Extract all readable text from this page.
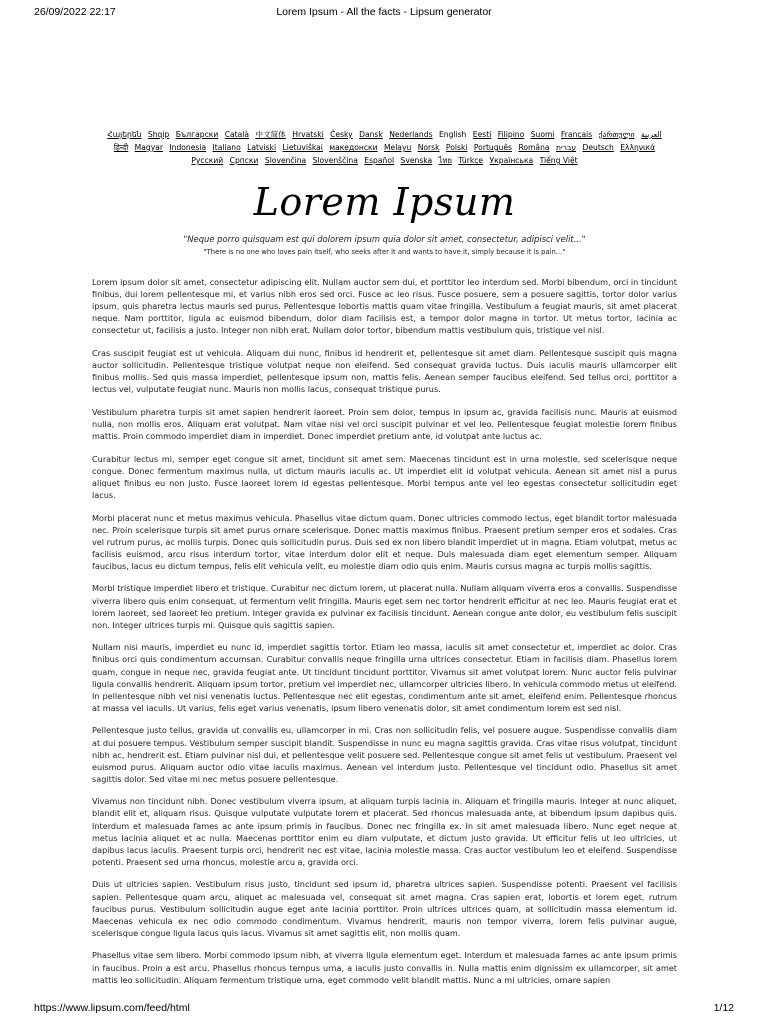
26/09/2022 22:17	Lorem Ipsum - All the facts - Lipsum generator
Հայերեն Shqip	‫العربية Български Català 中文简体 Hrvatski Česky Dansk Nederlands English Eesti Filipino Suomi Français ქართული Deutsch Ελληνικά ‫עברית हिन्दी Magyar Indonesia Italiano Latviski Lietuviškai македонски Melayu Norsk Polski Português Româna Pyccкий Српски Slovenčina Slovenščina Español Svenska ไทย Türkçe Українська Tiếng Việt
Lorem Ipsum
"Neque porro quisquam est qui dolorem ipsum quia dolor sit amet, consectetur, adipisci velit..."
"There is no one who loves pain itself, who seeks after it and wants to have it, simply because it is pain..."

Lorem ipsum dolor sit amet, consectetur adipiscing elit. Nullam auctor sem dui, et porttitor leo interdum sed. Morbi bibendum, orci in tincidunt finibus, dui lorem pellentesque mi, et varius nibh eros sed orci. Fusce ac leo risus. Fusce posuere, sem a posuere sagittis, tortor dolor varius ipsum, quis pharetra lectus mauris sed purus. Pellentesque lobortis mattis quam vitae fringilla. Vestibulum a feugiat mauris, sit amet placerat neque. Nam porttitor, ligula ac euismod bibendum, dolor diam facilisis est, a tempor dolor magna in tortor. Ut metus tortor, lacinia ac consectetur ut, facilisis a justo. Integer non nibh erat. Nullam dolor tortor, bibendum mattis vestibulum quis, tristique vel nisl.

Cras suscipit feugiat est ut vehicula. Aliquam dui nunc, finibus id hendrerit et, pellentesque sit amet diam. Pellentesque suscipit quis magna auctor sollicitudin. Pellentesque tristique volutpat neque non eleifend. Sed consequat gravida luctus. Duis iaculis mauris ullamcorper elit finibus mollis. Sed quis massa imperdiet, pellentesque ipsum non, mattis felis. Aenean semper faucibus eleifend. Sed tellus orci, porttitor a lectus vel, vulputate feugiat nunc. Mauris non mollis lacus, consequat tristique purus.

Vestibulum pharetra turpis sit amet sapien hendrerit laoreet. Proin sem dolor, tempus in ipsum ac, gravida facilisis nunc. Mauris at euismod nulla, non mollis eros. Aliquam erat volutpat. Nam vitae nisi vel orci suscipit pulvinar et vel leo. Pellentesque feugiat molestie lorem finibus mattis. Proin commodo imperdiet diam in imperdiet. Donec imperdiet pretium ante, id volutpat ante luctus ac.

Curabitur lectus mi, semper eget congue sit amet, tincidunt sit amet sem. Maecenas tincidunt est in urna molestie, sed scelerisque neque congue. Donec fermentum maximus nulla, ut dictum mauris iaculis ac. Ut imperdiet elit id volutpat vehicula. Aenean sit amet nisl a purus aliquet finibus eu non justo. Fusce laoreet lorem id egestas pellentesque. Morbi tempus ante vel leo egestas consectetur sollicitudin eget lacus.

Morbi placerat nunc et metus maximus vehicula. Phasellus vitae dictum quam. Donec ultricies commodo lectus, eget blandit tortor malesuada nec. Proin scelerisque turpis sit amet purus ornare scelerisque. Donec mattis maximus finibus. Praesent pretium semper eros et sodales. Cras vel rutrum purus, ac mollis turpis. Donec quis sollicitudin purus. Duis sed ex non libero blandit imperdiet ut in magna. Etiam volutpat, metus ac facilisis euismod, arcu risus interdum tortor, vitae interdum dolor elit et neque. Duis malesuada diam eget elementum semper. Aliquam faucibus, lacus eu dictum tempus, felis elit vehicula velit, eu molestie diam odio quis enim. Mauris cursus magna ac turpis mollis sagittis.

Morbi tristique imperdiet libero et tristique. Curabitur nec dictum lorem, ut placerat nulla. Nullam aliquam viverra eros a convallis. Suspendisse viverra libero quis enim consequat, ut fermentum velit fringilla. Mauris eget sem nec tortor hendrerit efficitur at nec leo. Mauris feugiat erat et lorem laoreet, sed laoreet leo pretium. Integer gravida ex pulvinar ex facilisis tincidunt. Aenean congue ante dolor, eu vestibulum felis suscipit non. Integer ultrices turpis mi. Quisque quis sagittis sapien.

Nullam nisi mauris, imperdiet eu nunc id, imperdiet sagittis tortor. Etiam leo massa, iaculis sit amet consectetur et, imperdiet ac dolor. Cras finibus orci quis condimentum accumsan. Curabitur convallis neque fringilla urna ultrices consectetur. Etiam in facilisis diam. Phasellus lorem quam, congue in neque nec, gravida feugiat ante. Ut tincidunt tincidunt porttitor. Vivamus sit amet volutpat lorem. Nunc auctor felis pulvinar ligula convallis hendrerit. Aliquam ipsum tortor, pretium vel imperdiet nec, ullamcorper ultricies libero. In vehicula commodo metus ut eleifend. In pellentesque nibh vel nisi venenatis luctus. Pellentesque nec elit egestas, condimentum ante sit amet, eleifend enim. Pellentesque rhoncus at massa vel iaculis. Ut varius, felis eget varius venenatis, ipsum libero venenatis dolor, sit amet condimentum lorem est sed nisl.

Pellentesque justo tellus, gravida ut convallis eu, ullamcorper in mi. Cras non sollicitudin felis, vel posuere augue. Suspendisse convallis diam at dui posuere tempus. Vestibulum semper suscipit blandit. Suspendisse in nunc eu magna sagittis gravida. Cras vitae risus volutpat, tincidunt nibh ac, hendrerit est. Etiam pulvinar nisl dui, et pellentesque velit posuere sed. Pellentesque congue sit amet felis ut vestibulum. Praesent vel euismod purus. Aliquam auctor odio vitae iaculis maximus. Aenean vel interdum justo. Pellentesque vel tincidunt odio. Phasellus sit amet sagittis dolor. Sed vitae mi nec metus posuere pellentesque.

Vivamus non tincidunt nibh. Donec vestibulum viverra ipsum, at aliquam turpis lacinia in. Aliquam et fringilla mauris. Integer at nunc aliquet, blandit elit et, aliquam risus. Quisque vulputate vulputate lorem et placerat. Sed rhoncus malesuada ante, at bibendum ipsum dapibus quis. Interdum et malesuada fames ac ante ipsum primis in faucibus. Donec nec fringilla ex. In sit amet malesuada libero. Nunc eget neque at metus lacinia aliquet et ac nulla. Maecenas porttitor enim eu diam vulputate, et dictum justo gravida. Ut efficitur felis ut leo ultricies, ut dapibus lacus iaculis. Praesent turpis orci, hendrerit nec est vitae, lacinia molestie massa. Cras auctor vestibulum leo et eleifend. Suspendisse potenti. Praesent sed urna rhoncus, molestie arcu a, gravida orci.

Duis ut ultricies sapien. Vestibulum risus justo, tincidunt sed ipsum id, pharetra ultrices sapien. Suspendisse potenti. Praesent vel facilisis sapien. Pellentesque quam arcu, aliquet ac malesuada vel, consequat sit amet magna. Cras sapien erat, lobortis et lorem eget, rutrum faucibus purus. Vestibulum sollicitudin augue eget ante lacinia porttitor. Proin ultrices ultrices quam, at sollicitudin massa elementum id. Maecenas vehicula ex nec odio commodo condimentum. Vivamus hendrerit, mauris non tempor viverra, lorem felis pulvinar augue, scelerisque congue ligula lacus quis lacus. Vivamus sit amet sagittis elit, non mollis quam.

Phasellus vitae sem libero. Morbi commodo ipsum nibh, at viverra ligula elementum eget. Interdum et malesuada fames ac ante ipsum primis in faucibus. Proin a est arcu. Phasellus rhoncus tempus urna, a iaculis justo convallis in. Nulla mattis enim dignissim ex ullamcorper, sit amet mattis leo sollicitudin. Aliquam fermentum tristique urna, eget commodo velit blandit mattis. Nunc a mi ultricies, ornare sapien

https://www.lipsum.com/feed/html	1/12
